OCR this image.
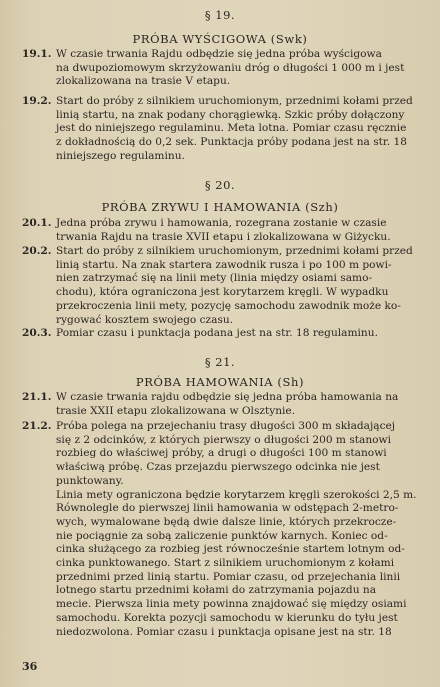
§ 19.
PRÓBA WYŚCIGOWA (Swk)
19.1. W czasie trwania Rajdu odbędzie się jedna próba wyścigowa
na dwupoziomowym skrzyżowaniu dróg o długości 1 000 m i jest
zlokalizowana na trasie V etapu.
19.2. Start do próby z silnikiem uruchomionym, przednimi kołami przed
linią startu, na znak podany chorągiewką. Szkic próby dołączony
jest do niniejszego regulaminu. Meta lotna. Pomiar czasu ręcznie
z dokładnością do 0,2 sek. Punktacja próby podana jest na str. 18
niniejszego regulaminu.
§ 20.
PRÓBA ZRYWU I HAMOWANIA (Szh)
20.1. Jedna próba zrywu i hamowania, rozegrana zostanie w czasie
trwania Rajdu na trasie XVII etapu i zlokalizowana w Giżycku.
20.2. Start do próby z silnikiem uruchomionym, przednimi kołami przed
linią startu. Na znak startera zawodnik rusza i po 100 m powi-
nien zatrzymać się na linii mety (linia między osiami samo-
chodu), która ograniczona jest korytarzem kręgli. W wypadku
przekroczenia linii mety, pozycję samochodu zawodnik może ko-
rygować kosztem swojego czasu.
20.3. Pomiar czasu i punktacja podana jest na str. 18 regulaminu.
§ 21.
PRÓBA HAMOWANIA (Sh)
21.1. W czasie trwania rajdu odbędzie się jedna próba hamowania na
trasie XXII etapu zlokalizowana w Olsztynie.
21.2. Próba polega na przejechaniu trasy długości 300 m składającej
się z 2 odcinków, z których pierwszy o długości 200 m stanowi
rozbieg do właściwej próby, a drugi o długości 100 m stanowi
właściwą próbę. Czas przejazdu pierwszego odcinka nie jest
punktowany.
Linia mety ograniczona będzie korytarzem kręgli szerokości 2,5 m.
Równolegle do pierwszej linii hamowania w odstępach 2-metro-
wych, wymalowane będą dwie dalsze linie, których przekrocze-
nie pociągnie za sobą zaliczenie punktów karnych. Koniec od-
cinka służącego za rozbieg jest równocześnie startem lotnym od-
cinka punktowanego. Start z silnikiem uruchomionym z kołami
przednimi przed linią startu. Pomiar czasu, od przejechania linii
lotnego startu przednimi kołami do zatrzymania pojazdu na
mecie. Pierwsza linia mety powinna znajdować się między osiami
samochodu. Korekta pozycji samochodu w kierunku do tyłu jest
niedozwolona. Pomiar czasu i punktacja opisane jest na str. 18
36
